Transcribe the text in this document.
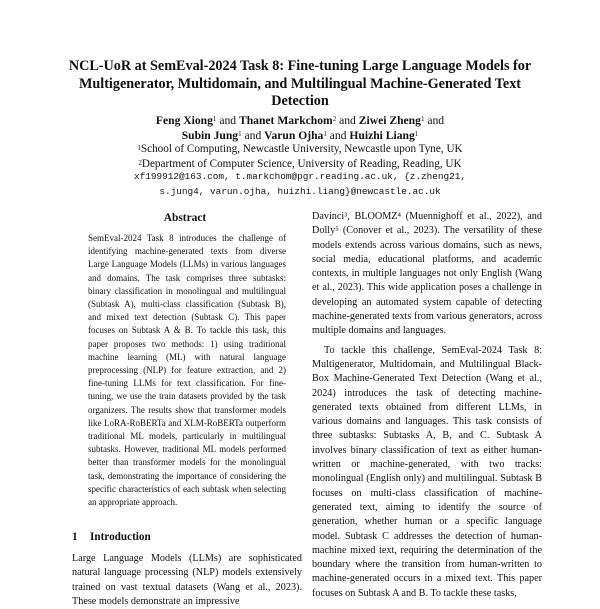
NCL-UoR at SemEval-2024 Task 8: Fine-tuning Large Language Models for Multigenerator, Multidomain, and Multilingual Machine-Generated Text Detection
Feng Xiong$^1$ and Thanet Markchom$^2$ and Ziwei Zheng$^1$ and
Subin Jung$^1$ and Varun Ojha$^1$ and Huizhi Liang$^1$
$^1$School of Computing, Newcastle University, Newcastle upon Tyne, UK
$^2$Department of Computer Science, University of Reading, Reading, UK
xf199912@163.com, t.markchom@pgr.reading.ac.uk, {z.zheng21,
s.jung4, varun.ojha, huizhi.liang}@newcastle.ac.uk
Abstract

SemEval-2024 Task 8 introduces the challenge of identifying machine-generated texts from diverse Large Language Models (LLMs) in various languages and domains. The task comprises three subtasks: binary classification in monolingual and multilingual (Subtask A), multi-class classification (Subtask B), and mixed text detection (Subtask C). This paper focuses on Subtask A & B. To tackle this task, this paper proposes two methods: 1) using traditional machine learning (ML) with natural language preprocessing (NLP) for feature extraction, and 2) fine-tuning LLMs for text classification. For fine-tuning, we use the train datasets provided by the task organizers. The results show that transformer models like LoRA-RoBERTa and XLM-RoBERTa outperform traditional ML models, particularly in multilingual subtasks. However, traditional ML models performed better than transformer models for the monolingual task, demonstrating the importance of considering the specific characteristics of each subtask when selecting an appropriate approach.

1 Introduction

Large Language Models (LLMs) are sophisticated natural language processing (NLP) models extensively trained on vast textual datasets (Wang et al., 2023). These models demonstrate an impressive

Davinci³, BLOOMZ⁴ (Muennighoff et al., 2022), and Dolly⁵ (Conover et al., 2023). The versatility of these models extends across various domains, such as news, social media, educational platforms, and academic contexts, in multiple languages not only English (Wang et al., 2023). This wide application poses a challenge in developing an automated system capable of detecting machine-generated texts from various generators, across multiple domains and languages.

To tackle this challenge, SemEval-2024 Task 8: Multigenerator, Multidomain, and Multilingual Black-Box Machine-Generated Text Detection (Wang et al., 2024) introduces the task of detecting machine-generated texts obtained from different LLMs, in various domains and languages. This task consists of three subtasks: Subtasks A, B, and C. Subtask A involves binary classification of text as either human-written or machine-generated, with two tracks: monolingual (English only) and multilingual. Subtask B focuses on multi-class classification of machine-generated text, aiming to identify the source of generation, whether human or a specific language model. Subtask C addresses the detection of human-machine mixed text, requiring the determination of the boundary where the transition from human-written to machine-generated occurs in a mixed text. This paper focuses on Subtask A and B. To tackle these tasks,
